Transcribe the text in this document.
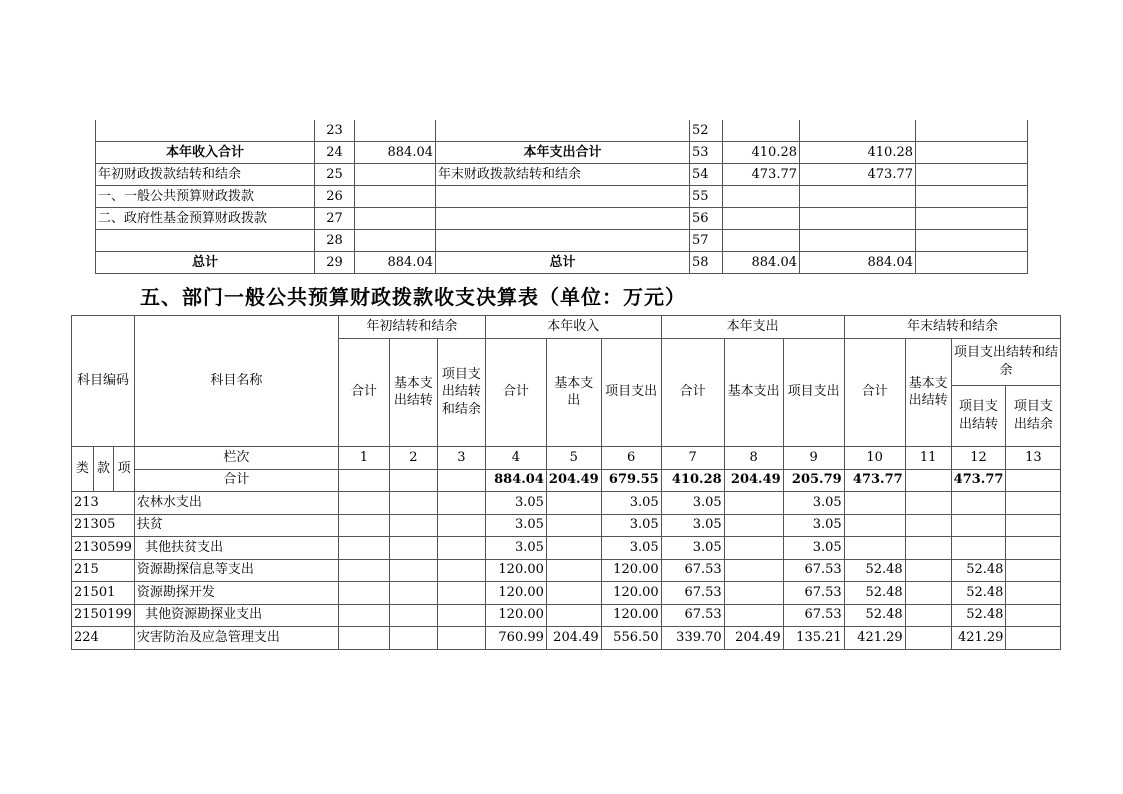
	23			52			
本年收入合计	24	884.04	本年支出合计	53	410.28	410.28	
年初财政拨款结转和结余	25		年末财政拨款结转和结余	54	473.77	473.77	
一、一般公共预算财政拨款	26			55			
二、政府性基金预算财政拨款	27			56			
	28			57			
总计	29	884.04	总计	58	884.04	884.04	
五、部门一般公共预算财政拨款收支决算表（单位：万元）
科目编码			科目名称	年初结转和结余			本年收入			本年支出			年末结转和结余			
				合计	基本支出结转	项目支出结转和结余	合计	基本支出	项目支出	合计	基本支出	项目支出	合计	基本支出结转	项目支出结转和结余	
															项目支出结转	项目支出结余
类	款	项	栏次	1	2	3	4	5	6	7	8	9	10	11	12	13
			合计				884.04	204.49	679.55	410.28	204.49	205.79	473.77		473.77	
213			农林水支出				3.05		3.05	3.05		3.05				
21305			扶贫				3.05		3.05	3.05		3.05				
2130599			其他扶贫支出				3.05		3.05	3.05		3.05				
215			资源勘探信息等支出				120.00		120.00	67.53		67.53	52.48		52.48	
21501			资源勘探开发				120.00		120.00	67.53		67.53	52.48		52.48	
2150199			其他资源勘探业支出				120.00		120.00	67.53		67.53	52.48		52.48	
224			灾害防治及应急管理支出				760.99	204.49	556.50	339.70	204.49	135.21	421.29		421.29	
